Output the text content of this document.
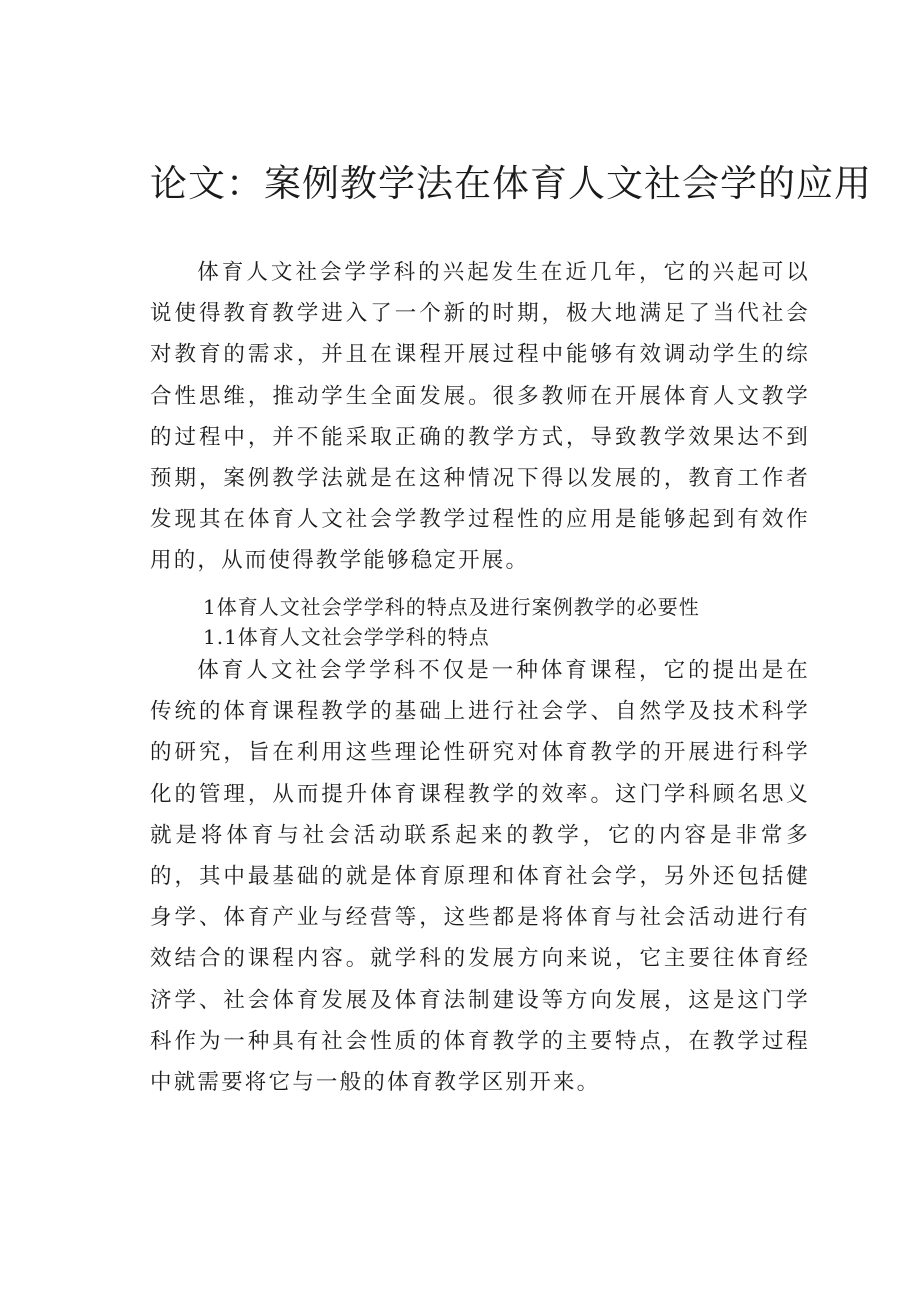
论文：案例教学法在体育人文社会学的应用

体育人文社会学学科的兴起发生在近几年，它的兴起可以说使得教育教学进入了一个新的时期，极大地满足了当代社会对教育的需求，并且在课程开展过程中能够有效调动学生的综合性思维，推动学生全面发展。很多教师在开展体育人文教学的过程中，并不能采取正确的教学方式，导致教学效果达不到预期，案例教学法就是在这种情况下得以发展的，教育工作者发现其在体育人文社会学教学过程性的应用是能够起到有效作用的，从而使得教学能够稳定开展。

1体育人文社会学学科的特点及进行案例教学的必要性
1.1体育人文社会学学科的特点

体育人文社会学学科不仅是一种体育课程，它的提出是在传统的体育课程教学的基础上进行社会学、自然学及技术科学的研究，旨在利用这些理论性研究对体育教学的开展进行科学化的管理，从而提升体育课程教学的效率。这门学科顾名思义就是将体育与社会活动联系起来的教学，它的内容是非常多的，其中最基础的就是体育原理和体育社会学，另外还包括健身学、体育产业与经营等，这些都是将体育与社会活动进行有效结合的课程内容。就学科的发展方向来说，它主要往体育经济学、社会体育发展及体育法制建设等方向发展，这是这门学科作为一种具有社会性质的体育教学的主要特点，在教学过程中就需要将它与一般的体育教学区别开来。
